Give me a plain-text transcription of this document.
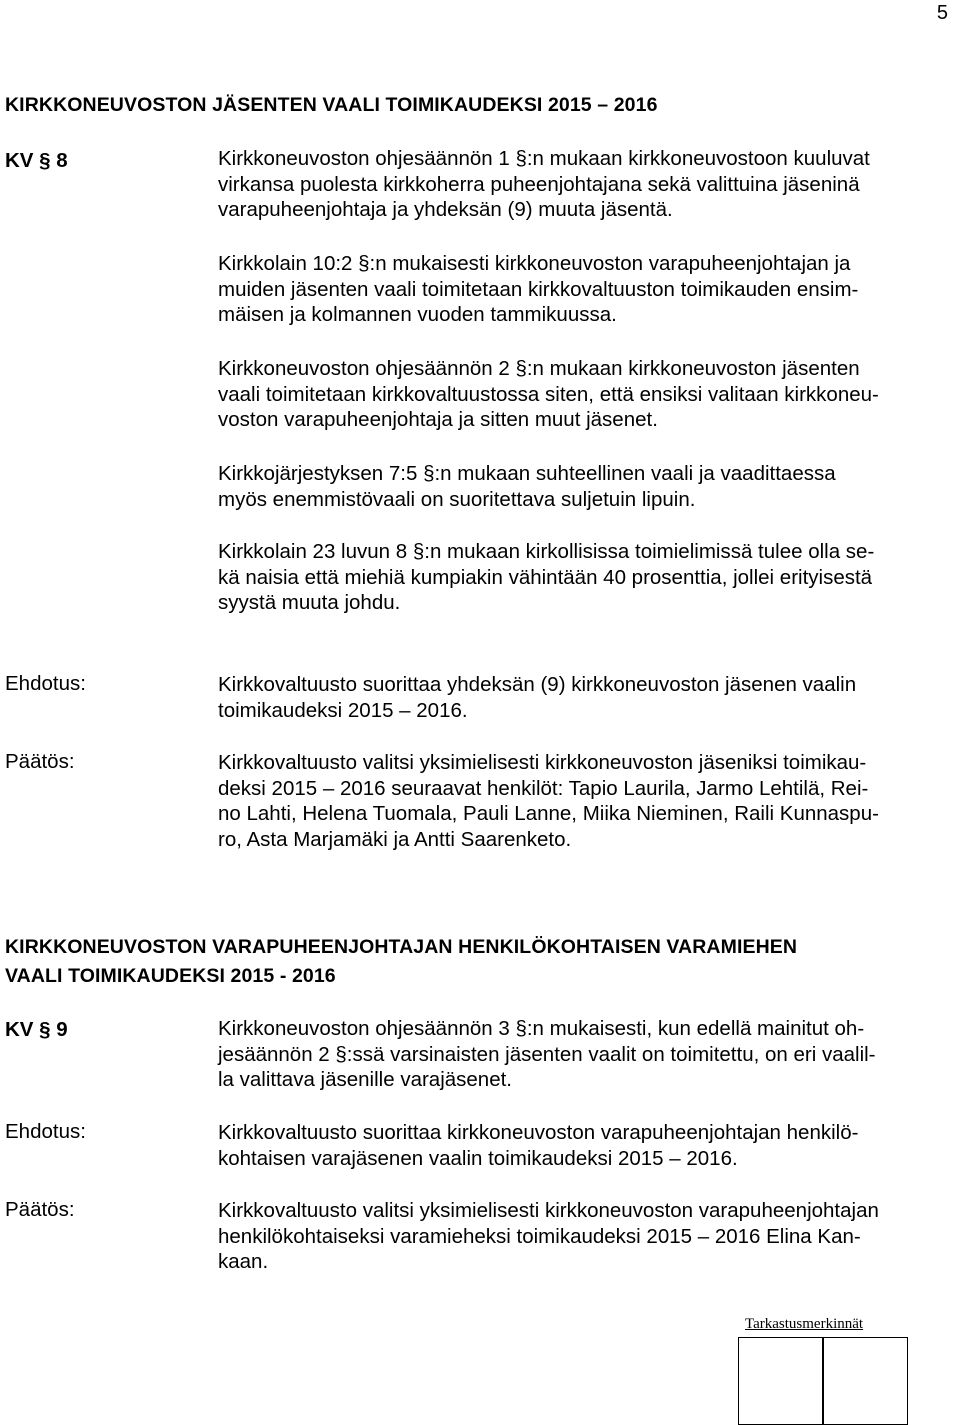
5
KIRKKONEUVOSTON JÄSENTEN VAALI TOIMIKAUDEKSI 2015 – 2016
KV § 8	Kirkkoneuvoston ohjesäännön 1 §:n mukaan kirkkoneuvostoon kuuluvat
virkansa puolesta kirkkoherra puheenjohtajana sekä valittuina jäseninä
varapuheenjohtaja ja yhdeksän (9) muuta jäsentä.
Kirkkolain 10:2 §:n mukaisesti kirkkoneuvoston varapuheenjohtajan ja
muiden jäsenten vaali toimitetaan kirkkovaltuuston toimikauden ensim-
mäisen ja kolmannen vuoden tammikuussa.
Kirkkoneuvoston ohjesäännön 2 §:n mukaan kirkkoneuvoston jäsenten
vaali toimitetaan kirkkovaltuustossa siten, että ensiksi valitaan kirkkoneu-
voston varapuheenjohtaja ja sitten muut jäsenet.
Kirkkojärjestyksen 7:5 §:n mukaan suhteellinen vaali ja vaadittaessa
myös enemmistövaali on suoritettava suljetuin lipuin.
Kirkkolain 23 luvun 8 §:n mukaan kirkollisissa toimielimissä tulee olla se-
kä naisia että miehiä kumpiakin vähintään 40 prosenttia, jollei erityisestä
syystä muuta johdu.
Ehdotus:	Kirkkovaltuusto suorittaa yhdeksän (9) kirkkoneuvoston jäsenen vaalin
toimikaudeksi 2015 – 2016.
Päätös:	Kirkkovaltuusto valitsi yksimielisesti kirkkoneuvoston jäseniksi toimikau-
deksi 2015 – 2016 seuraavat henkilöt: Tapio Laurila, Jarmo Lehtilä, Rei-
no Lahti, Helena Tuomala, Pauli Lanne, Miika Nieminen, Raili Kunnaspu-
ro, Asta Marjamäki ja Antti Saarenketo.
KIRKKONEUVOSTON VARAPUHEENJOHTAJAN HENKILÖKOHTAISEN VARAMIEHEN
VAALI TOIMIKAUDEKSI 2015 - 2016
KV § 9	Kirkkoneuvoston ohjesäännön 3 §:n mukaisesti, kun edellä mainitut oh-
jesäännön 2 §:ssä varsinaisten jäsenten vaalit on toimitettu, on eri vaalil-
la valittava jäsenille varajäsenet.
Ehdotus:	Kirkkovaltuusto suorittaa kirkkoneuvoston varapuheenjohtajan henkilö-
kohtaisen varajäsenen vaalin toimikaudeksi 2015 – 2016.
Päätös:	Kirkkovaltuusto valitsi yksimielisesti kirkkoneuvoston varapuheenjohtajan
henkilökohtaiseksi varamieheksi toimikaudeksi 2015 – 2016 Elina Kan-
kaan.
Tarkastusmerkinnät
